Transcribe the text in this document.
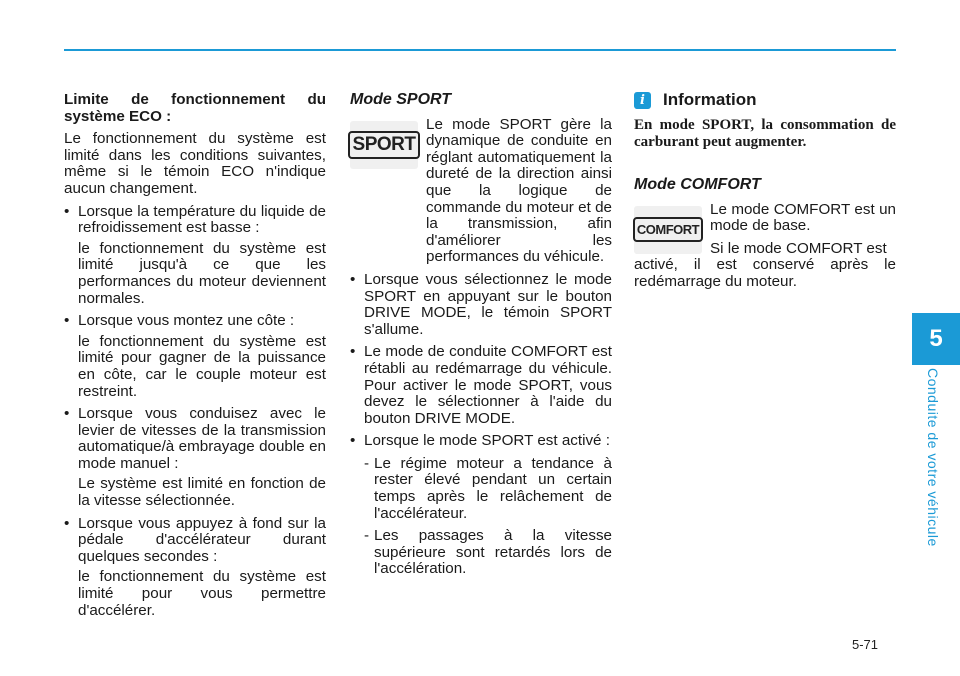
Limite de fonctionnement du système ECO :

Le fonctionnement du système est limité dans les conditions suivantes, même si le témoin ECO n'indique aucun changement.

• Lorsque la température du liquide de refroidissement est basse :

le fonctionnement du système est limité jusqu'à ce que les performances du moteur deviennent normales.

• Lorsque vous montez une côte :

le fonctionnement du système est limité pour gagner de la puissance en côte, car le couple moteur est restreint.

• Lorsque vous conduisez avec le levier de vitesses de la transmission automatique/à embrayage double en mode manuel :

Le système est limité en fonction de la vitesse sélectionnée.

• Lorsque vous appuyez à fond sur la pédale d'accélérateur durant quelques secondes :

le fonctionnement du système est limité pour vous permettre d'accélérer.

Mode SPORT
SPORT

Le mode SPORT gère la dynamique de conduite en réglant automatiquement la dureté de la direction ainsi que la logique de commande du moteur et de la transmission, afin d'améliorer les performances du véhicule.

• Lorsque vous sélectionnez le mode SPORT en appuyant sur le bouton DRIVE MODE, le témoin SPORT s'allume.
• Le mode de conduite COMFORT est rétabli au redémarrage du véhicule. Pour activer le mode SPORT, vous devez le sélectionner à l'aide du bouton DRIVE MODE.
• Lorsque le mode SPORT est activé :
- Le régime moteur a tendance à rester élevé pendant un certain temps après le relâchement de l'accélérateur.
- Les passages à la vitesse supérieure sont retardés lors de l'accélération.
i	Information

En mode SPORT, la consommation de carburant peut augmenter.

Mode COMFORT
COMFORT

Le mode COMFORT est un mode de base.

Si le mode COMFORT est

activé, il est conservé après le redémarrage du moteur.

5
Conduite de votre véhicule
5-71
